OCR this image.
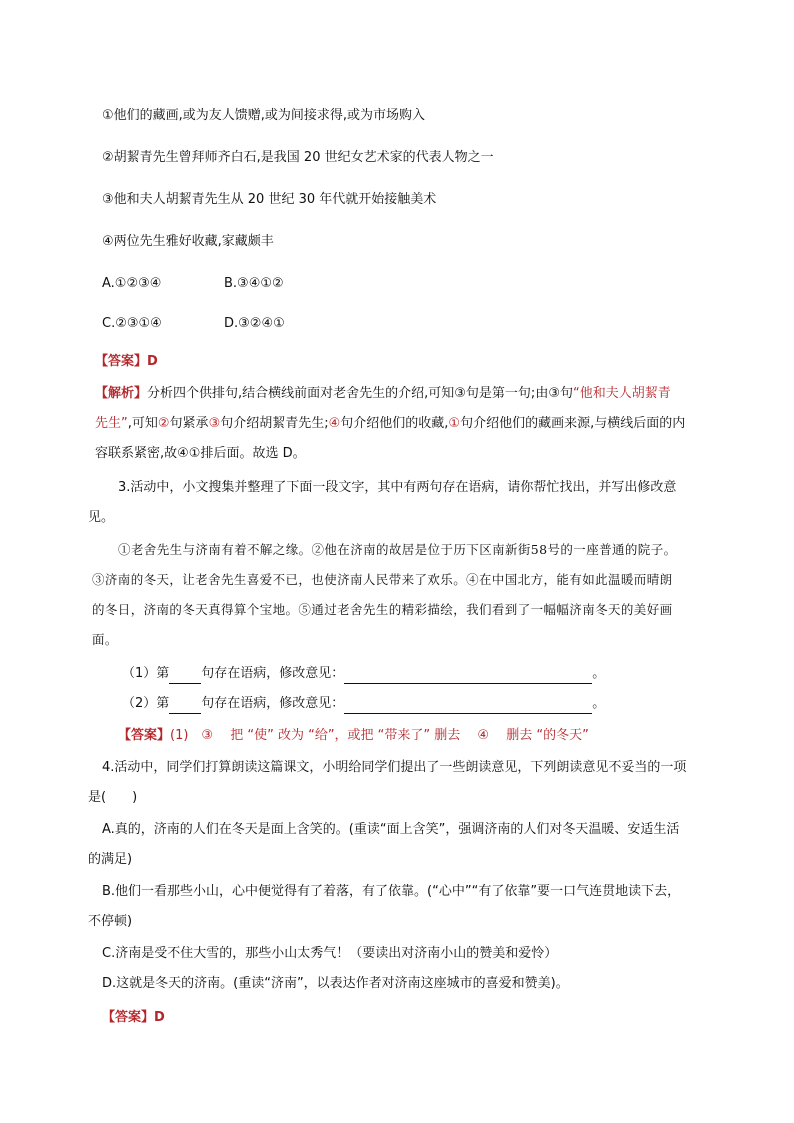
①他们的藏画,或为友人馈赠,或为间接求得,或为市场购入
②胡絜青先生曾拜师齐白石,是我国 20 世纪女艺术家的代表人物之一
③他和夫人胡絜青先生从 20 世纪 30 年代就开始接触美术
④两位先生雅好收藏,家藏颇丰
A.①②③④	B.③④①②
C.②③①④	D.③②④①
【答案】D
【解析】分析四个供排句,结合横线前面对老舍先生的介绍,可知③句是第一句;由③句“他和夫人胡絜青
先生”,可知②句紧承③句介绍胡絜青先生;④句介绍他们的收藏,①句介绍他们的藏画来源,与横线后面的内
容联系紧密,故④①排后面。故选 D。
3.活动中，小文搜集并整理了下面一段文字，其中有两句存在语病，请你帮忙找出，并写出修改意
见。
①老舍先生与济南有着不解之缘。②他在济南的故居是位于历下区南新街58号的一座普通的院子。
③济南的冬天，让老舍先生喜爱不已，也使济南人民带来了欢乐。④在中国北方，能有如此温暖而晴朗
的冬日，济南的冬天真得算个宝地。⑤通过老舍先生的精彩描绘，我们看到了一幅幅济南冬天的美好画
面。
（1）第 句存在语病，修改意见：	。
（2）第 句存在语病，修改意见：	。
【答案】(1)　③　 把 “使” 改为 “给”，或把 “带来了” 删去　 ④　 删去 “的冬天”
4.活动中，同学们打算朗读这篇课文，小明给同学们提出了一些朗读意见，下列朗读意见不妥当的一项
是(　　)
A.真的，济南的人们在冬天是面上含笑的。(重读“面上含笑”，强调济南的人们对冬天温暖、安适生活
的满足)
B.他们一看那些小山，心中便觉得有了着落，有了依靠。(“心中”“有了依靠”要一口气连贯地读下去，
不停顿)
C.济南是受不住大雪的，那些小山太秀气！（要读出对济南小山的赞美和爱怜）
D.这就是冬天的济南。(重读“济南”，以表达作者对济南这座城市的喜爱和赞美)。
【答案】D
